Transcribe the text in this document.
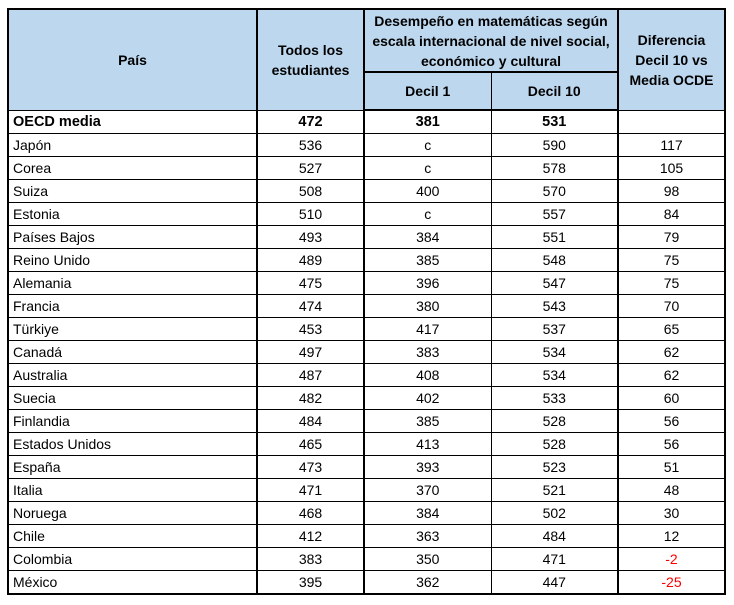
País	Todos los estudiantes	Desempeño en matemáticas según escala internacional de nivel social, económico y cultural		Diferencia Decil 10 vs Media OCDE
		Decil 1	Decil 10	
OECD media	472	381	531	
Japón	536	c	590	117
Corea	527	c	578	105
Suiza	508	400	570	98
Estonia	510	c	557	84
Países Bajos	493	384	551	79
Reino Unido	489	385	548	75
Alemania	475	396	547	75
Francia	474	380	543	70
Türkiye	453	417	537	65
Canadá	497	383	534	62
Australia	487	408	534	62
Suecia	482	402	533	60
Finlandia	484	385	528	56
Estados Unidos	465	413	528	56
España	473	393	523	51
Italia	471	370	521	48
Noruega	468	384	502	30
Chile	412	363	484	12
Colombia	383	350	471	-2
México	395	362	447	-25
